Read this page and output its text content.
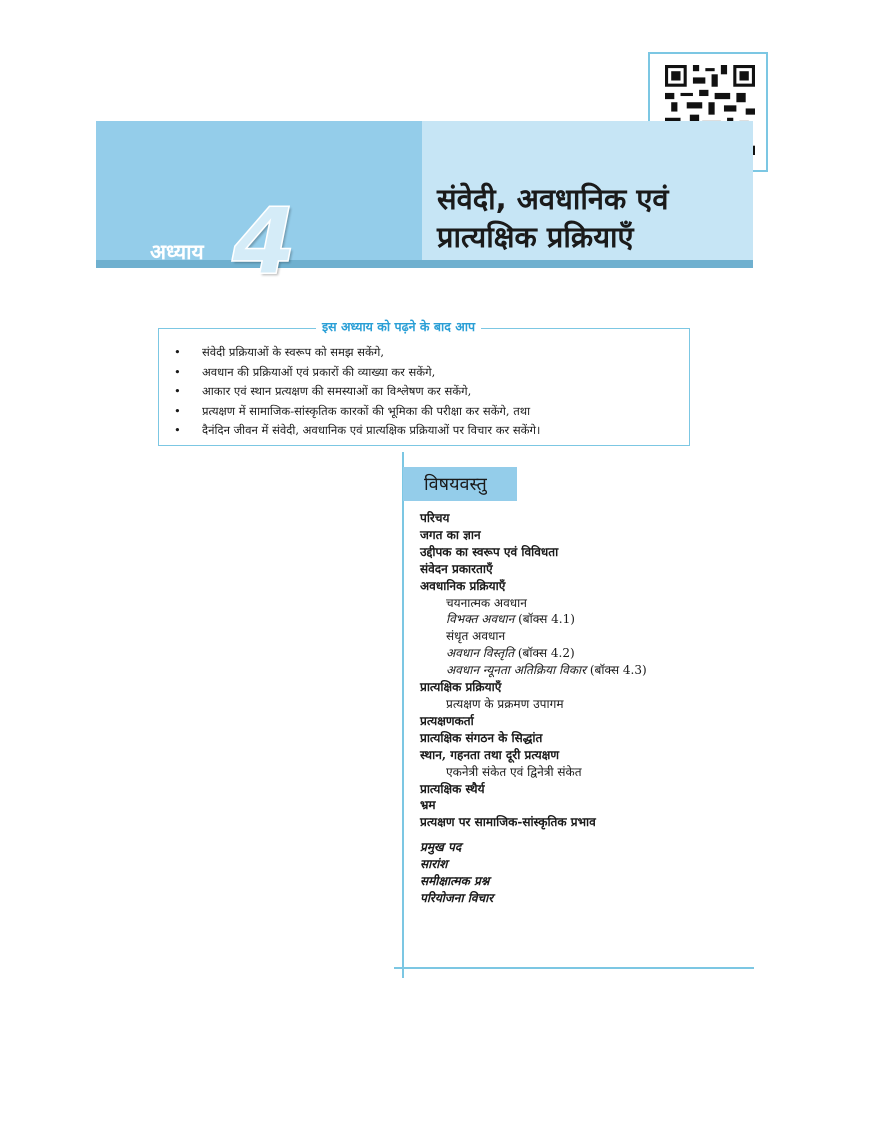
अध्याय 4	संवेदी, अवधानिक एवं
प्रात्यक्षिक प्रक्रियाएँ
इस अध्याय को पढ़ने के बाद आप
• संवेदी प्रक्रियाओं के स्वरूप को समझ सकेंगे,
• अवधान की प्रक्रियाओं एवं प्रकारों की व्याख्या कर सकेंगे,
• आकार एवं स्थान प्रत्यक्षण की समस्याओं का विश्लेषण कर सकेंगे,
• प्रत्यक्षण में सामाजिक-सांस्कृतिक कारकों की भूमिका की परीक्षा कर सकेंगे, तथा
• दैनंदिन जीवन में संवेदी, अवधानिक एवं प्रात्यक्षिक प्रक्रियाओं पर विचार कर सकेंगे।
विषयवस्तु
परिचय
जगत का ज्ञान
उद्दीपक का स्वरूप एवं विविधता
संवेदन प्रकारताएँ
अवधानिक प्रक्रियाएँ
चयनात्मक अवधान
विभक्त अवधान (बॉक्स 4.1)
संधृत अवधान
अवधान विस्तृति (बॉक्स 4.2)
अवधान न्यूनता अतिक्रिया विकार (बॉक्स 4.3)
प्रात्यक्षिक प्रक्रियाएँ
प्रत्यक्षण के प्रक्रमण उपागम
प्रत्यक्षणकर्ता
प्रात्यक्षिक संगठन के सिद्धांत
स्थान, गहनता तथा दूरी प्रत्यक्षण
एकनेत्री संकेत एवं द्विनेत्री संकेत
प्रात्यक्षिक स्थैर्य
भ्रम
प्रत्यक्षण पर सामाजिक-सांस्कृतिक प्रभाव
प्रमुख पद
सारांश
समीक्षात्मक प्रश्न
परियोजना विचार
